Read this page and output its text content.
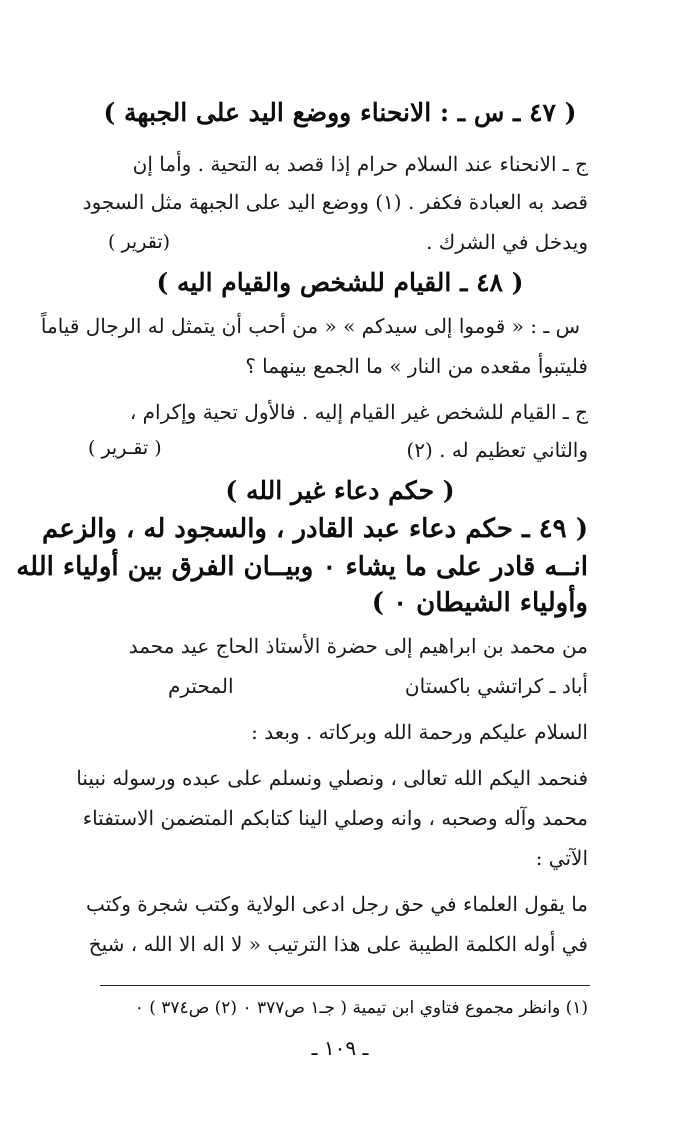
( ٤٧ ـ س ـ : الانحناء ووضع اليد على الجبهة )
ج ـ الانحناء عند السلام حرام إذا قصد به التحية . وأما إن
قصد به العبادة فكفر . (١) ووضع اليد على الجبهة مثل السجود
ويدخل في الشرك .
(تقرير )
( ٤٨ ـ القيام للشخص والقيام اليه )
س ـ : « قوموا إلى سيدكم » « من أحب أن يتمثل له الرجال قياماً
فليتبوأ مقعده من النار » ما الجمع بينهما ؟
ج ـ القيام للشخص غير القيام إليه . فالأول تحية وإكرام ،
والثاني تعظيم له . (٢)
( تقـرير )
( حكم دعاء غير الله )
( ٤٩ ـ حكم دعاء عبد القادر ، والسجود له ، والزعم
انــه قادر على ما يشاء ٠ وبيــان الفرق بين أولياء الله
وأولياء الشيطان ٠ )
من محمد بن ابراهيم إلى حضرة الأستاذ الحاج عيد محمد
أباد ـ كراتشي باكستان
المحترم
السلام عليكم ورحمة الله وبركاته . وبعد :
فنحمد اليكم الله تعالى ، ونصلي ونسلم على عبده ورسوله نبينا
محمد وآله وصحبه ، وانه وصلي الينا كتابكم المتضمن الاستفتاء
الآتي :
ما يقول العلماء في حق رجل ادعى الولاية وكتب شجرة وكتب
في أوله الكلمة الطيبة على هذا الترتيب « لا اله الا الله ، شيخ
(١) وانظر مجموع فتاوي ابن تيمية ( جـ١ ص٣٧٧ ٠ (٢) ص٣٧٤ ) ٠
ـ ١٠٩ ـ
